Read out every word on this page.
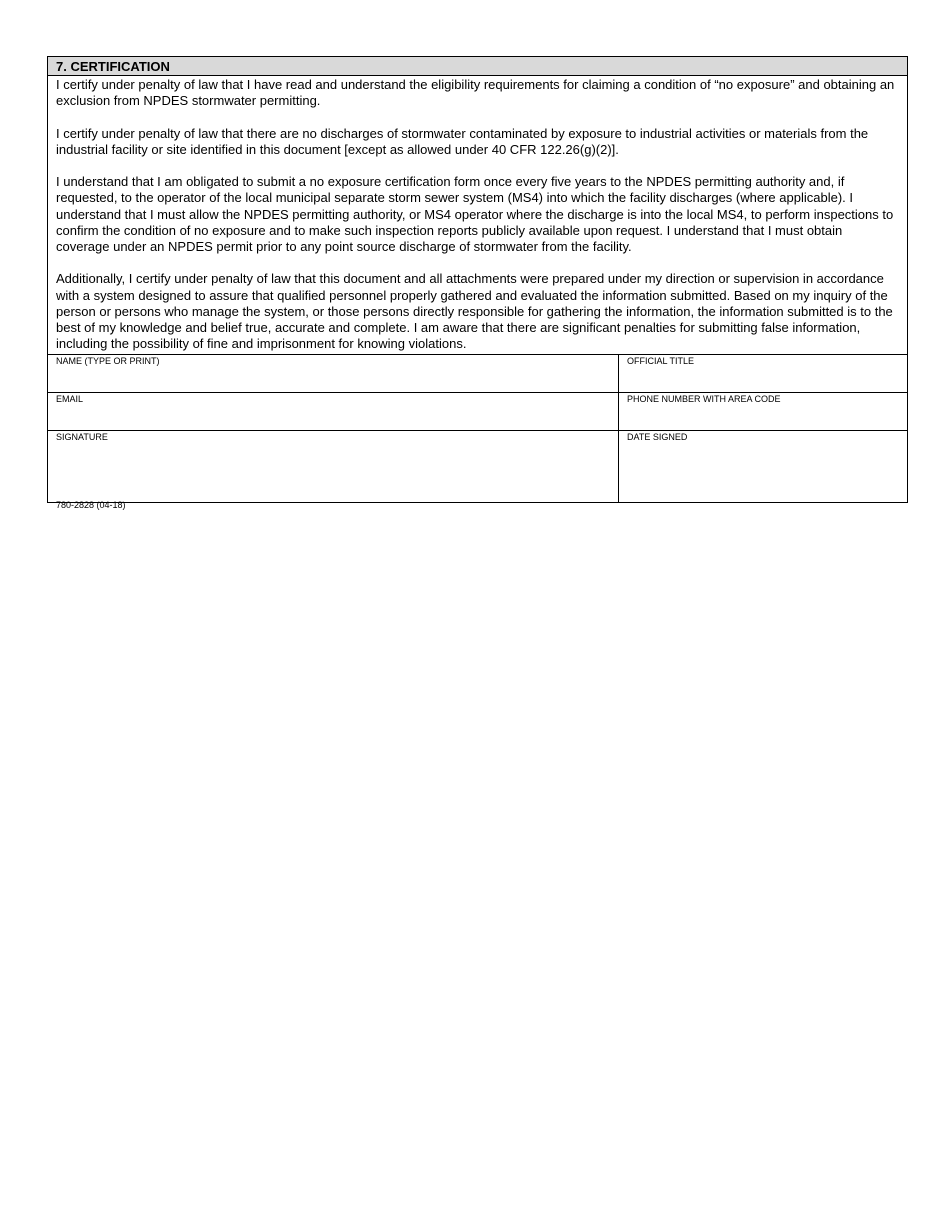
7. CERTIFICATION

I certify under penalty of law that I have read and understand the eligibility requirements for claiming a condition of “no exposure” and obtaining an exclusion from NPDES stormwater permitting.

I certify under penalty of law that there are no discharges of stormwater contaminated by exposure to industrial activities or materials from the industrial facility or site identified in this document [except as allowed under 40 CFR 122.26(g)(2)].

I understand that I am obligated to submit a no exposure certification form once every five years to the NPDES permitting authority and, if requested, to the operator of the local municipal separate storm sewer system (MS4) into which the facility discharges (where applicable). I understand that I must allow the NPDES permitting authority, or MS4 operator where the discharge is into the local MS4, to perform inspections to confirm the condition of no exposure and to make such inspection reports publicly available upon request. I understand that I must obtain coverage under an NPDES permit prior to any point source discharge of stormwater from the facility.

Additionally, I certify under penalty of law that this document and all attachments were prepared under my direction or supervision in accordance with a system designed to assure that qualified personnel properly gathered and evaluated the information submitted. Based on my inquiry of the person or persons who manage the system, or those persons directly responsible for gathering the information, the information submitted is to the best of my knowledge and belief true, accurate and complete. I am aware that there are significant penalties for submitting false information, including the possibility of fine and imprisonment for knowing violations.

NAME (TYPE OR PRINT)	OFFICIAL TITLE
EMAIL	PHONE NUMBER WITH AREA CODE
SIGNATURE	DATE SIGNED
780-2828 (04-18)
